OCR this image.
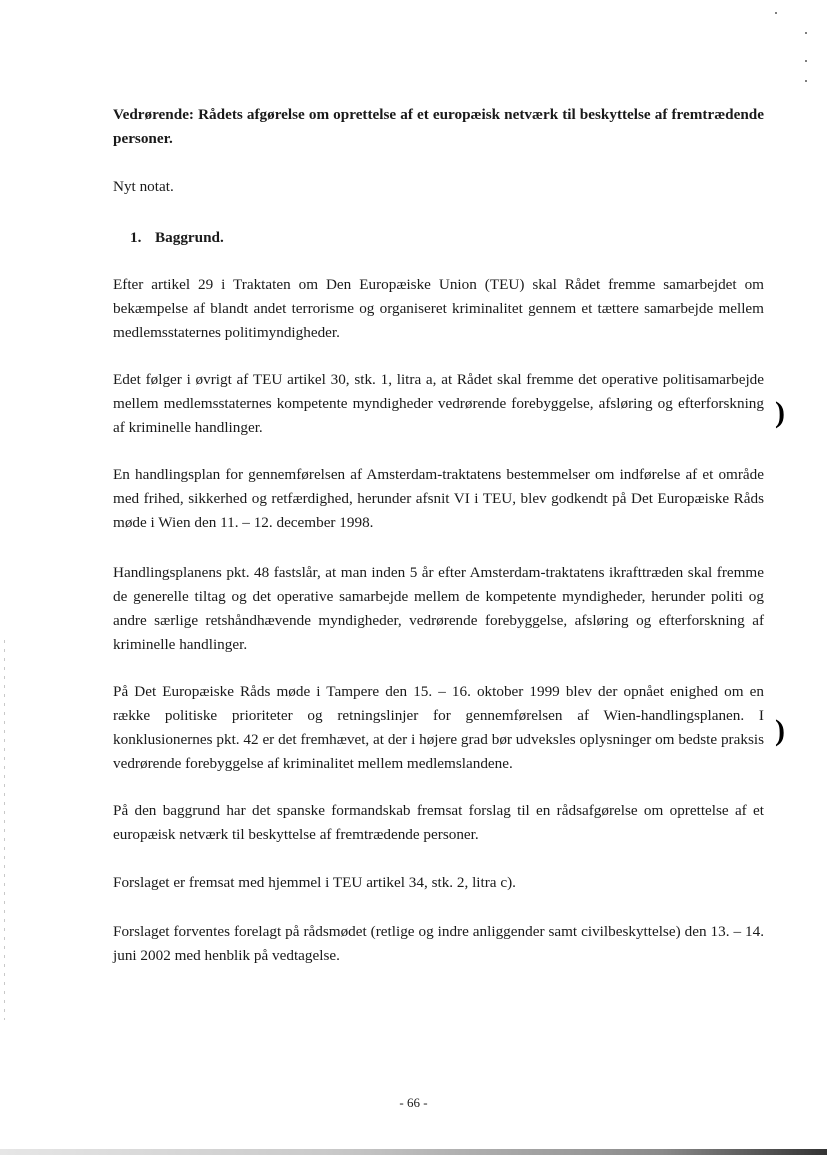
Vedrørende: Rådets afgørelse om oprettelse af et europæisk netværk til beskyttelse af fremtrædende personer.
Nyt notat.
1. Baggrund.
Efter artikel 29 i Traktaten om Den Europæiske Union (TEU) skal Rådet fremme samarbejdet om bekæmpelse af blandt andet terrorisme og organiseret kriminalitet gennem et tættere samarbejde mellem medlemsstaternes politimyndigheder.
Edet følger i øvrigt af TEU artikel 30, stk. 1, litra a, at Rådet skal fremme det operative politisamarbejde mellem medlemsstaternes kompetente myndigheder vedrørende forebyggelse, afsløring og efterforskning af kriminelle handlinger.
En handlingsplan for gennemførelsen af Amsterdam-traktatens bestemmelser om indførelse af et område med frihed, sikkerhed og retfærdighed, herunder afsnit VI i TEU, blev godkendt på Det Europæiske Råds møde i Wien den 11. – 12. december 1998.
Handlingsplanens pkt. 48 fastslår, at man inden 5 år efter Amsterdam-traktatens ikrafttræden skal fremme de generelle tiltag og det operative samarbejde mellem de kompetente myndigheder, herunder politi og andre særlige retshåndhævende myndigheder, vedrørende forebyggelse, afsløring og efterforskning af kriminelle handlinger.
På Det Europæiske Råds møde i Tampere den 15. – 16. oktober 1999 blev der opnået enighed om en række politiske prioriteter og retningslinjer for gennemførelsen af Wien-handlingsplanen. I konklusionernes pkt. 42 er det fremhævet, at der i højere grad bør udveksles oplysninger om bedste praksis vedrørende forebyggelse af kriminalitet mellem medlemslandene.
På den baggrund har det spanske formandskab fremsat forslag til en rådsafgørelse om oprettelse af et europæisk netværk til beskyttelse af fremtrædende personer.
Forslaget er fremsat med hjemmel i TEU artikel 34, stk. 2, litra c).
Forslaget forventes forelagt på rådsmødet (retlige og indre anliggender samt civilbeskyttelse) den 13. – 14. juni 2002 med henblik på vedtagelse.
- 66 -
)
)
